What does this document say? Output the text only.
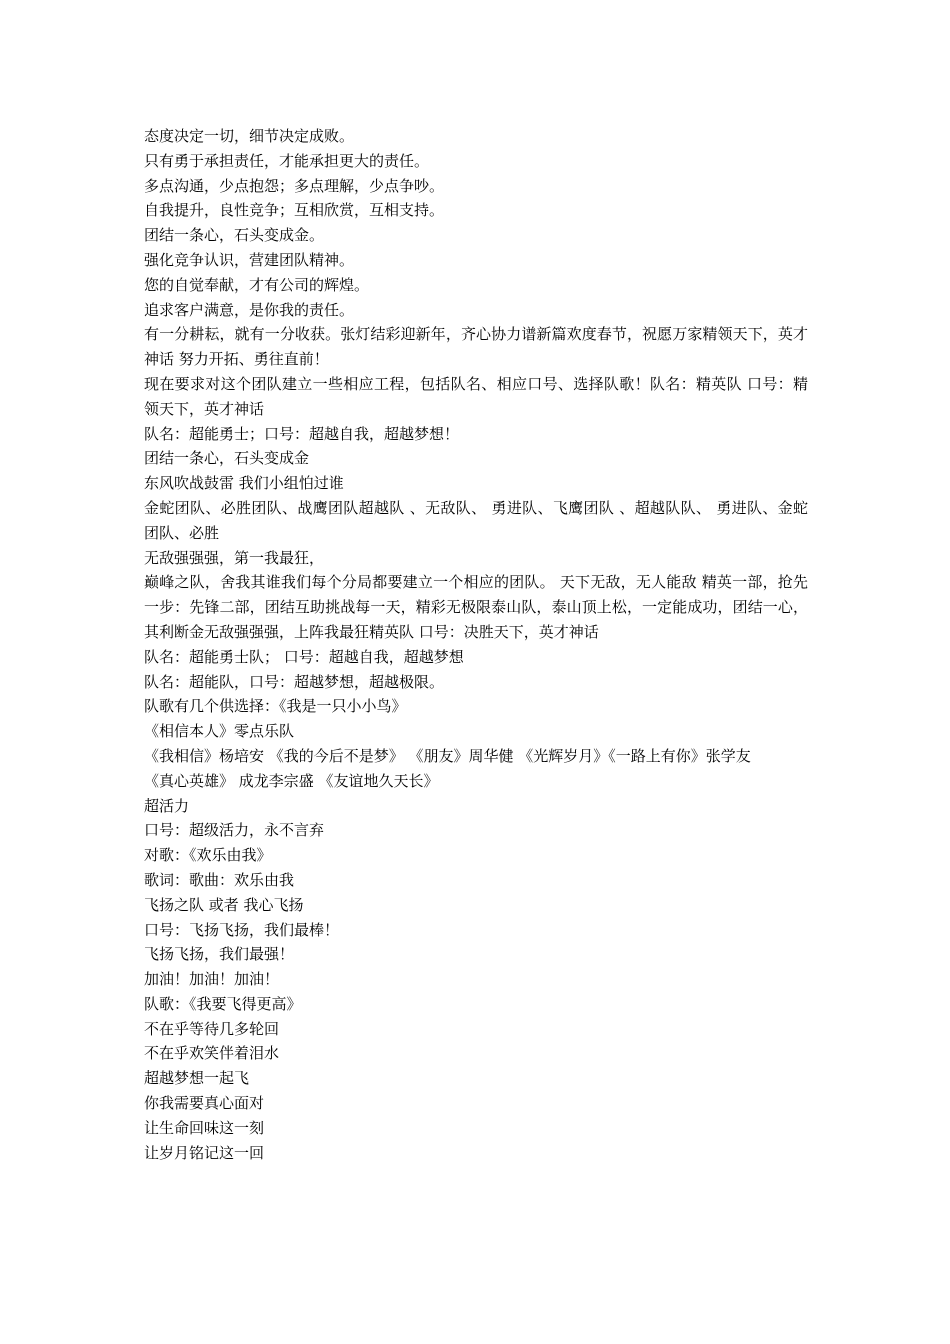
态度决定一切，细节决定成败。

只有勇于承担责任，才能承担更大的责任。

多点沟通，少点抱怨；多点理解，少点争吵。

自我提升，良性竞争；互相欣赏，互相支持。

团结一条心，石头变成金。

强化竞争认识，营建团队精神。

您的自觉奉献，才有公司的辉煌。

追求客户满意，是你我的责任。

有一分耕耘，就有一分收获。张灯结彩迎新年，齐心协力谱新篇欢度春节，祝愿万家精领天下，英才神话 努力开拓、勇往直前！

现在要求对这个团队建立一些相应工程，包括队名、相应口号、选择队歌！队名：精英队 口号：精领天下，英才神话

队名：超能勇士；口号：超越自我，超越梦想！

团结一条心，石头变成金

东风吹战鼓雷 我们小组怕过谁

金蛇团队、必胜团队、战鹰团队超越队 、无敌队、 勇进队、飞鹰团队 、超越队队、 勇进队、金蛇团队、必胜

无敌强强强，第一我最狂，

巅峰之队，舍我其谁我们每个分局都要建立一个相应的团队。 天下无敌，无人能敌 精英一部，抢先一步：先锋二部，团结互助挑战每一天，精彩无极限泰山队，泰山顶上松，一定能成功，团结一心，其利断金无敌强强强，上阵我最狂精英队 口号：决胜天下，英才神话

队名：超能勇士队； 口号：超越自我，超越梦想

队名：超能队，口号：超越梦想，超越极限。

队歌有几个供选择：《我是一只小小鸟》

《相信本人》零点乐队

《我相信》杨培安 《我的今后不是梦》 《朋友》周华健 《光辉岁月》《一路上有你》张学友

《真心英雄》 成龙李宗盛 《友谊地久天长》

超活力

口号：超级活力，永不言弃

对歌：《欢乐由我》

歌词：歌曲：欢乐由我

飞扬之队 或者 我心飞扬

口号：飞扬飞扬，我们最棒！

飞扬飞扬，我们最强！

加油！加油！加油！

队歌：《我要飞得更高》

不在乎等待几多轮回

不在乎欢笑伴着泪水

超越梦想一起飞

你我需要真心面对

让生命回味这一刻

让岁月铭记这一回
